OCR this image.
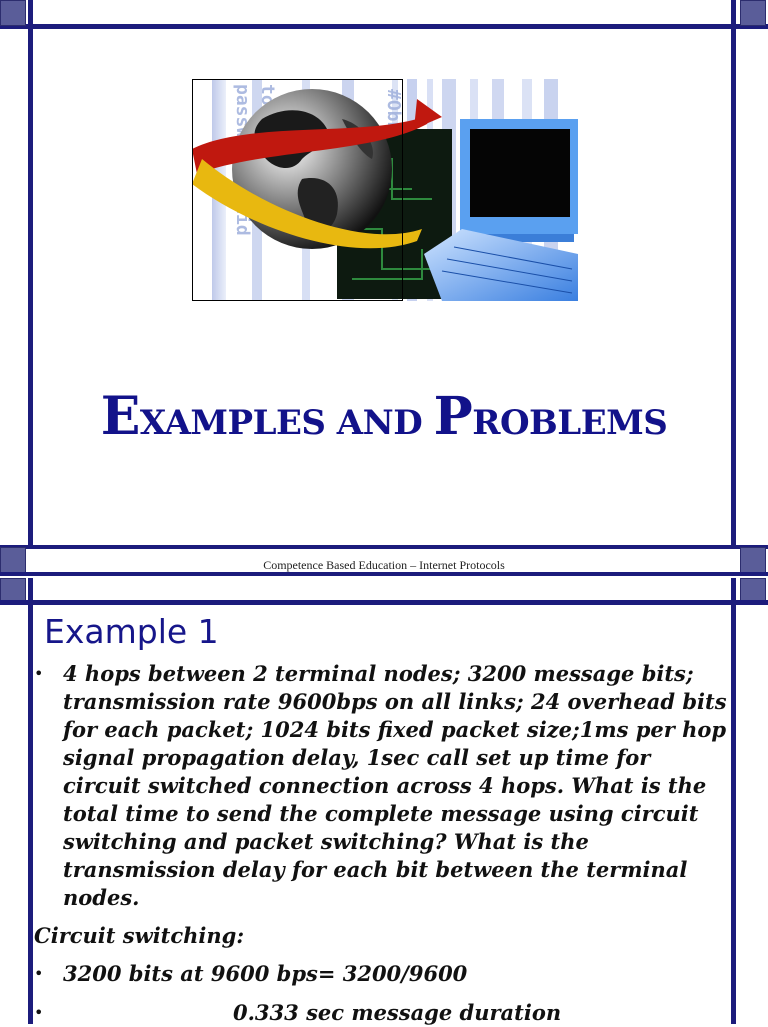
EXAMPLES AND PROBLEMS
Competence Based Education – Internet Protocols
Example 1
• 4 hops between 2 terminal nodes; 3200 message bits; transmission rate 9600bps on all links; 24 overhead bits for each packet; 1024 bits fixed packet size;1ms per hop signal propagation delay, 1sec call set up time for circuit switched connection across 4 hops. What is the total time to send the complete message using circuit switching and packet switching? What is the transmission delay for each bit between the terminal nodes.
Circuit switching:
• 3200 bits at 9600 bps= 3200/9600
•	0.333 sec message duration
